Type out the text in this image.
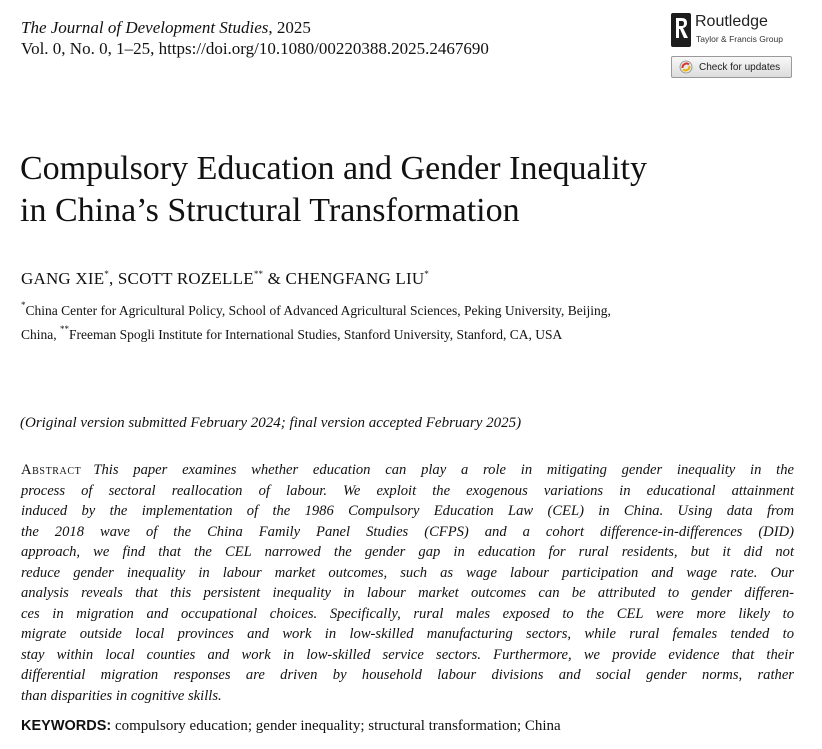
The Journal of Development Studies, 2025
Vol. 0, No. 0, 1–25, https://doi.org/10.1080/00220388.2025.2467690
Routledge
Taylor & Francis Group
Check for updates
Compulsory Education and Gender Inequality
in China’s Structural Transformation
GANG XIE*, SCOTT ROZELLE** & CHENGFANG LIU*
*China Center for Agricultural Policy, School of Advanced Agricultural Sciences, Peking University, Beijing,
China, **Freeman Spogli Institute for International Studies, Stanford University, Stanford, CA, USA
(Original version submitted February 2024; final version accepted February 2025)
Abstract This paper examines whether education can play a role in mitigating gender inequality in the
process of sectoral reallocation of labour. We exploit the exogenous variations in educational attainment
induced by the implementation of the 1986 Compulsory Education Law (CEL) in China. Using data from
the 2018 wave of the China Family Panel Studies (CFPS) and a cohort difference-in-differences (DID)
approach, we find that the CEL narrowed the gender gap in education for rural residents, but it did not
reduce gender inequality in labour market outcomes, such as wage labour participation and wage rate. Our
analysis reveals that this persistent inequality in labour market outcomes can be attributed to gender differen-
ces in migration and occupational choices. Specifically, rural males exposed to the CEL were more likely to
migrate outside local provinces and work in low-skilled manufacturing sectors, while rural females tended to
stay within local counties and work in low-skilled service sectors. Furthermore, we provide evidence that their
differential migration responses are driven by household labour divisions and social gender norms, rather
than disparities in cognitive skills.
KEYWORDS: compulsory education; gender inequality; structural transformation; China
